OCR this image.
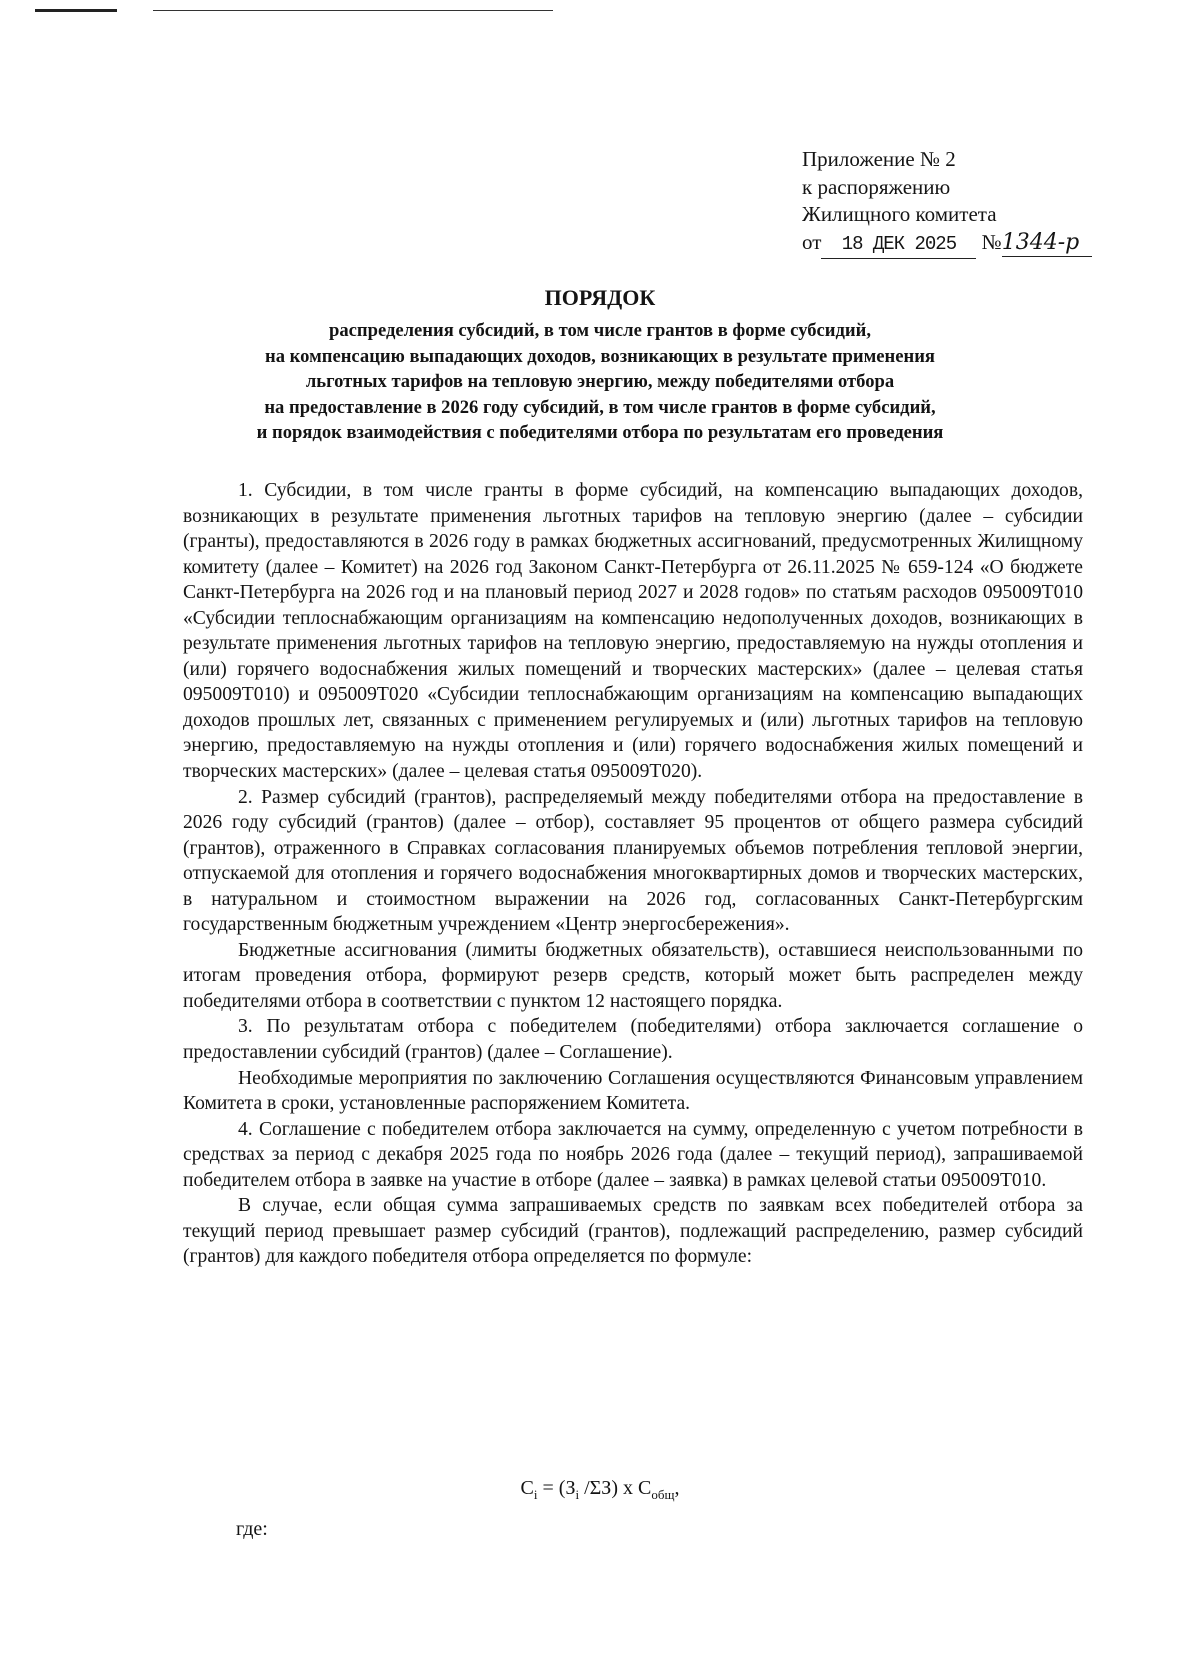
Приложение № 2
к распоряжению
Жилищного комитета
от 18 ДЕК 2025 №1344-р
ПОРЯДОК
распределения субсидий, в том числе грантов в форме субсидий,
на компенсацию выпадающих доходов, возникающих в результате применения
льготных тарифов на тепловую энергию, между победителями отбора
на предоставление в 2026 году субсидий, в том числе грантов в форме субсидий,
и порядок взаимодействия с победителями отбора по результатам его проведения

1. Субсидии, в том числе гранты в форме субсидий, на компенсацию выпадающих доходов, возникающих в результате применения льготных тарифов на тепловую энергию (далее – субсидии (гранты), предоставляются в 2026 году в рамках бюджетных ассигнований, предусмотренных Жилищному комитету (далее – Комитет) на 2026 год Законом Санкт-Петербурга от 26.11.2025 № 659-124 «О бюджете Санкт-Петербурга на 2026 год и на плановый период 2027 и 2028 годов» по статьям расходов 095009Т010 «Субсидии теплоснабжающим организациям на компенсацию недополученных доходов, возникающих в результате применения льготных тарифов на тепловую энергию, предоставляемую на нужды отопления и (или) горячего водоснабжения жилых помещений и творческих мастерских» (далее – целевая статья 095009Т010) и 095009Т020 «Субсидии теплоснабжающим организациям на компенсацию выпадающих доходов прошлых лет, связанных с применением регулируемых и (или) льготных тарифов на тепловую энергию, предоставляемую на нужды отопления и (или) горячего водоснабжения жилых помещений и творческих мастерских» (далее – целевая статья 095009Т020).

2. Размер субсидий (грантов), распределяемый между победителями отбора на предоставление в 2026 году субсидий (грантов) (далее – отбор), составляет 95 процентов от общего размера субсидий (грантов), отраженного в Справках согласования планируемых объемов потребления тепловой энергии, отпускаемой для отопления и горячего водоснабжения многоквартирных домов и творческих мастерских, в натуральном и стоимостном выражении на 2026 год, согласованных Санкт-Петербургским государственным бюджетным учреждением «Центр энергосбережения».

Бюджетные ассигнования (лимиты бюджетных обязательств), оставшиеся неиспользованными по итогам проведения отбора, формируют резерв средств, который может быть распределен между победителями отбора в соответствии с пунктом 12 настоящего порядка.

3. По результатам отбора с победителем (победителями) отбора заключается соглашение о предоставлении субсидий (грантов) (далее – Соглашение).

Необходимые мероприятия по заключению Соглашения осуществляются Финансовым управлением Комитета в сроки, установленные распоряжением Комитета.

4. Соглашение с победителем отбора заключается на сумму, определенную с учетом потребности в средствах за период с декабря 2025 года по ноябрь 2026 года (далее – текущий период), запрашиваемой победителем отбора в заявке на участие в отборе (далее – заявка) в рамках целевой статьи 095009Т010.

В случае, если общая сумма запрашиваемых средств по заявкам всех победителей отбора за текущий период превышает размер субсидий (грантов), подлежащий распределению, размер субсидий (грантов) для каждого победителя отбора определяется по формуле:

$C_i = (З_i$ /ΣЗ) х $С_{общ}$,
где:
